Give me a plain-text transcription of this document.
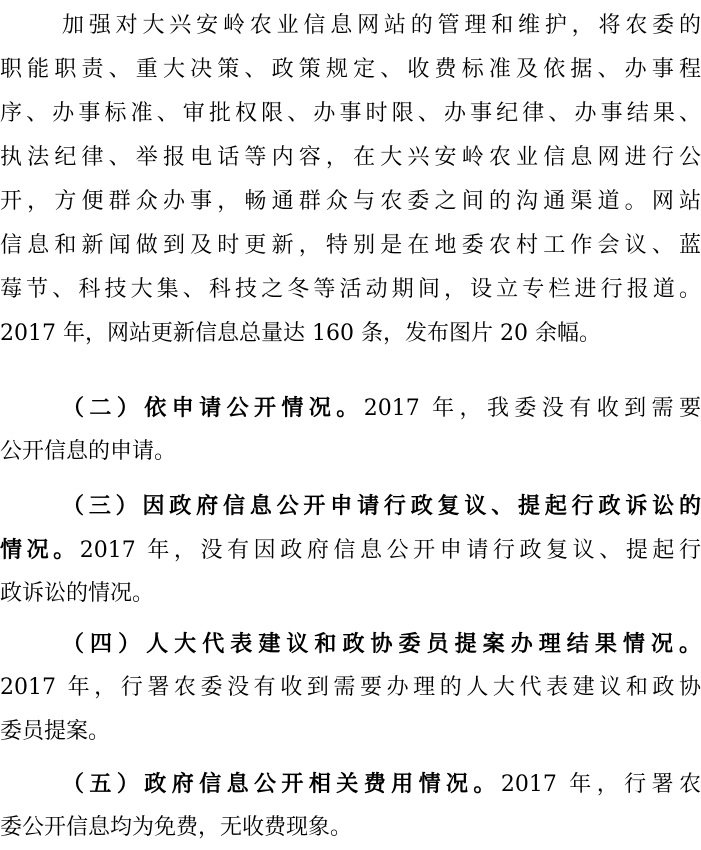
加强对大兴安岭农业信息网站的管理和维护，将农委的
职能职责、重大决策、政策规定、收费标准及依据、办事程
序、办事标准、审批权限、办事时限、办事纪律、办事结果、
执法纪律、举报电话等内容，在大兴安岭农业信息网进行公
开，方便群众办事，畅通群众与农委之间的沟通渠道。网站
信息和新闻做到及时更新，特别是在地委农村工作会议、蓝
莓节、科技大集、科技之冬等活动期间，设立专栏进行报道。
2017 年，网站更新信息总量达 160 条，发布图片 20 余幅。
（二）依申请公开情况。2017 年，我委没有收到需要
公开信息的申请。
（三）因政府信息公开申请行政复议、提起行政诉讼的
情况。2017 年，没有因政府信息公开申请行政复议、提起行
政诉讼的情况。
（四）人大代表建议和政协委员提案办理结果情况。
2017 年，行署农委没有收到需要办理的人大代表建议和政协
委员提案。
（五）政府信息公开相关费用情况。2017 年，行署农
委公开信息均为免费，无收费现象。
